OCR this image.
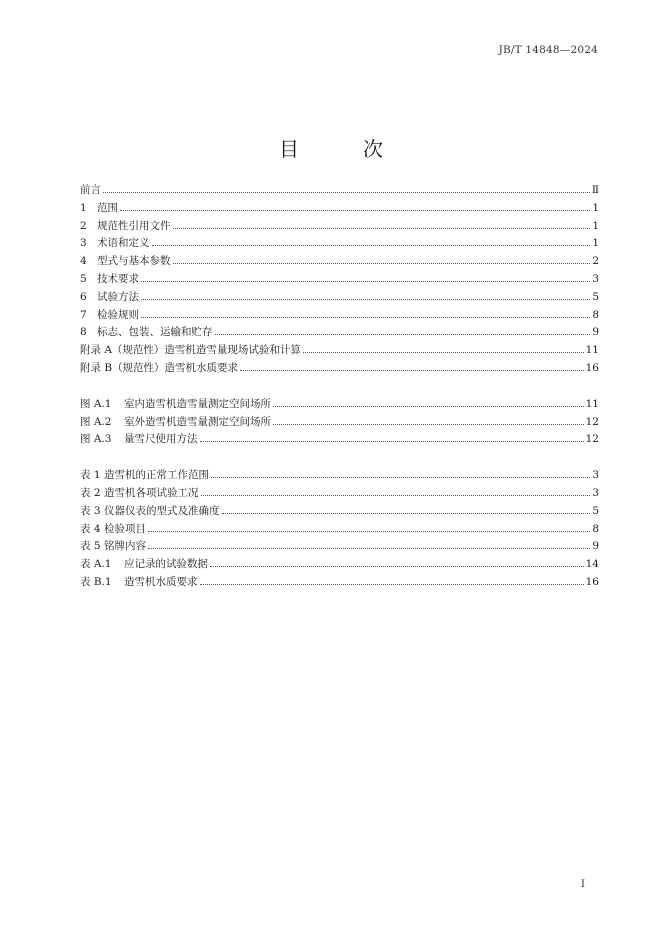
JB/T 14848—2024
目　次
前言	Ⅱ
1 范围	1
2 规范性引用文件	1
3 术语和定义	1
4 型式与基本参数	2
5 技术要求	3
6 试验方法	5
7 检验规则	8
8 标志、包装、运输和贮存	9
附录 A （规范性）造雪机造雪量现场试验和计算	11
附录 B （规范性）造雪机水质要求	16
图 A.1	室内造雪机造雪量测定空间场所	11
图 A.2	室外造雪机造雪量测定空间场所	12
图 A.3	量雪尺使用方法	12
表 1 造雪机的正常工作范围	3
表 2 造雪机各项试验工况	3
表 3 仪器仪表的型式及准确度	5
表 4 检验项目	8
表 5 铭牌内容	9
表 A.1	应记录的试验数据	14
表 B.1	造雪机水质要求	16
I
